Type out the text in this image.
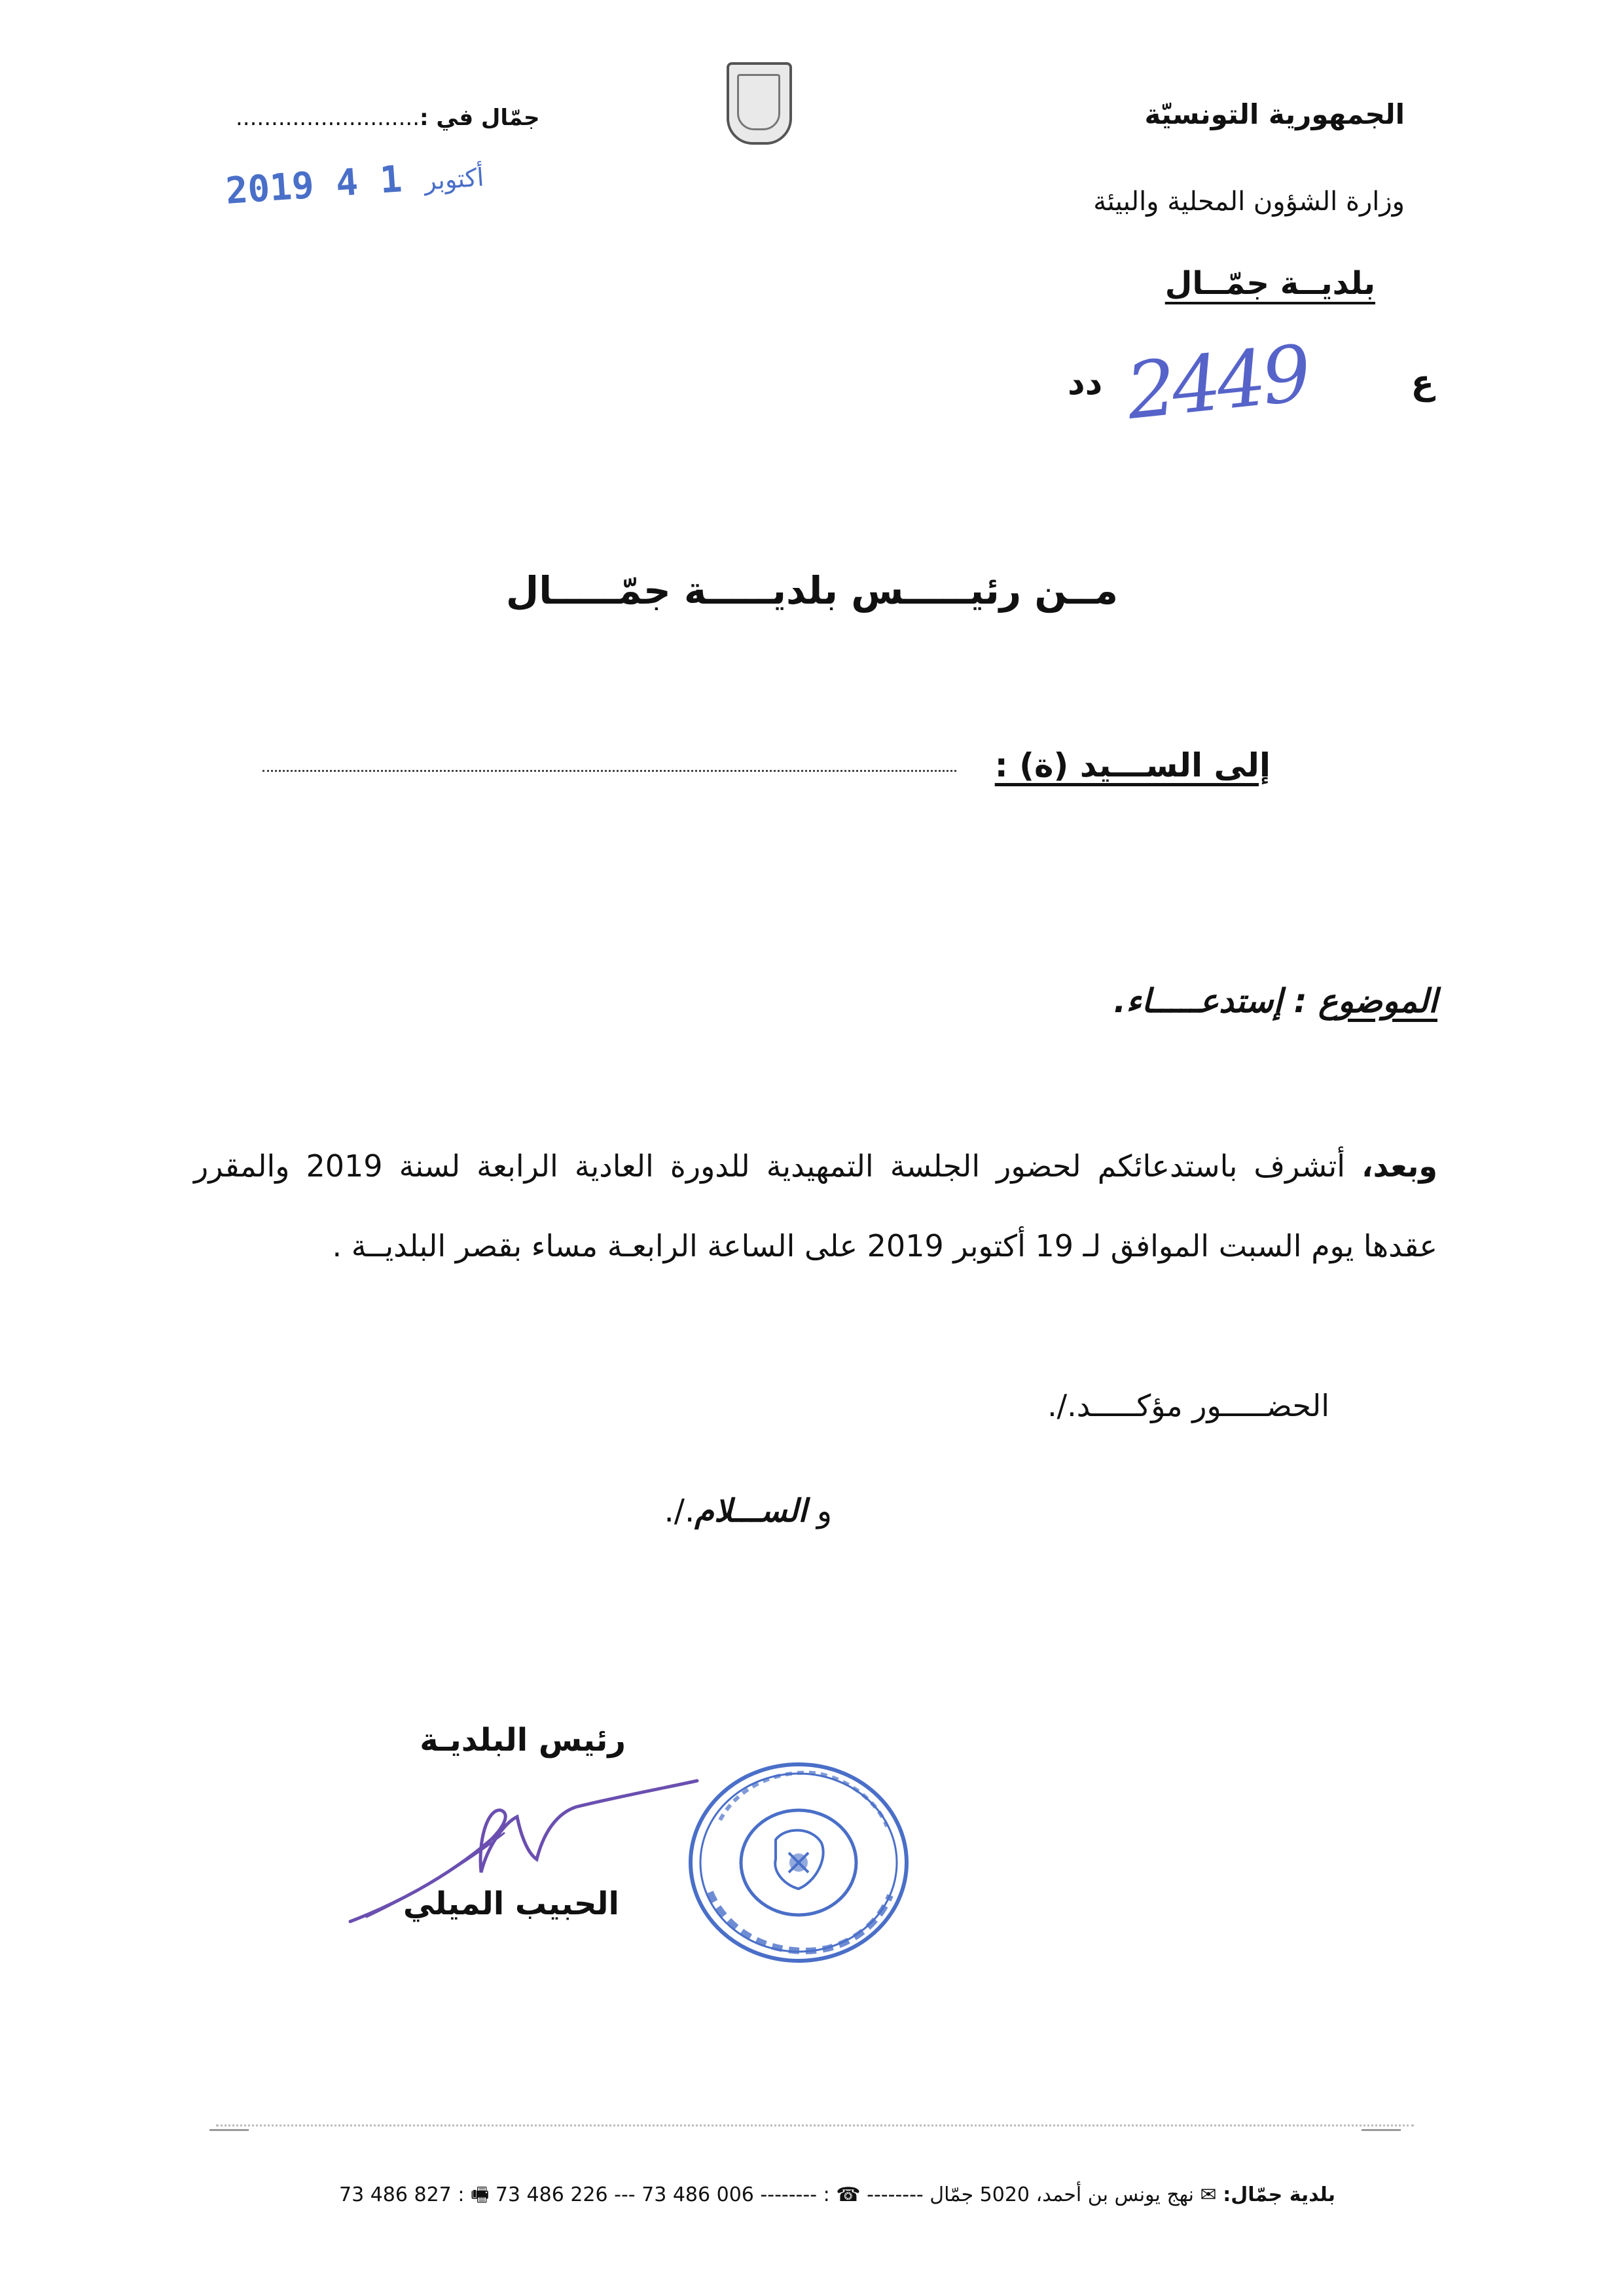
الجمهورية التونسيّة
وزارة الشؤون المحلية والبيئة
جمّال في :..........................
2019	أكتوبر 1 4
بلديــة جمّــال
ع
2449
دد
مــن رئيـــــس بلديـــــة جمّـــــال
إلى الســـيد (ة) :
الموضوع : إستدعـــــاء.
وبعد، أتشرف باستدعائكم لحضور الجلسة التمهيدية للدورة العادية الرابعة لسنة 2019 والمقرر عقدها يوم السبت الموافق لـ 19 أكتوبر 2019 على الساعة الرابعـة مساء بقصر البلديــة .
الحضـــــور مؤكـــــد./.
و الســـلام./.
رئيس البلديـة
الحبيب الميلي
73 486 827 : 🖷 73 486 226 --- 73 486 006 -------- : ☎	بلدية جمّال: ✉ نهج يونس بن أحمد، 5020 جمّال --------
